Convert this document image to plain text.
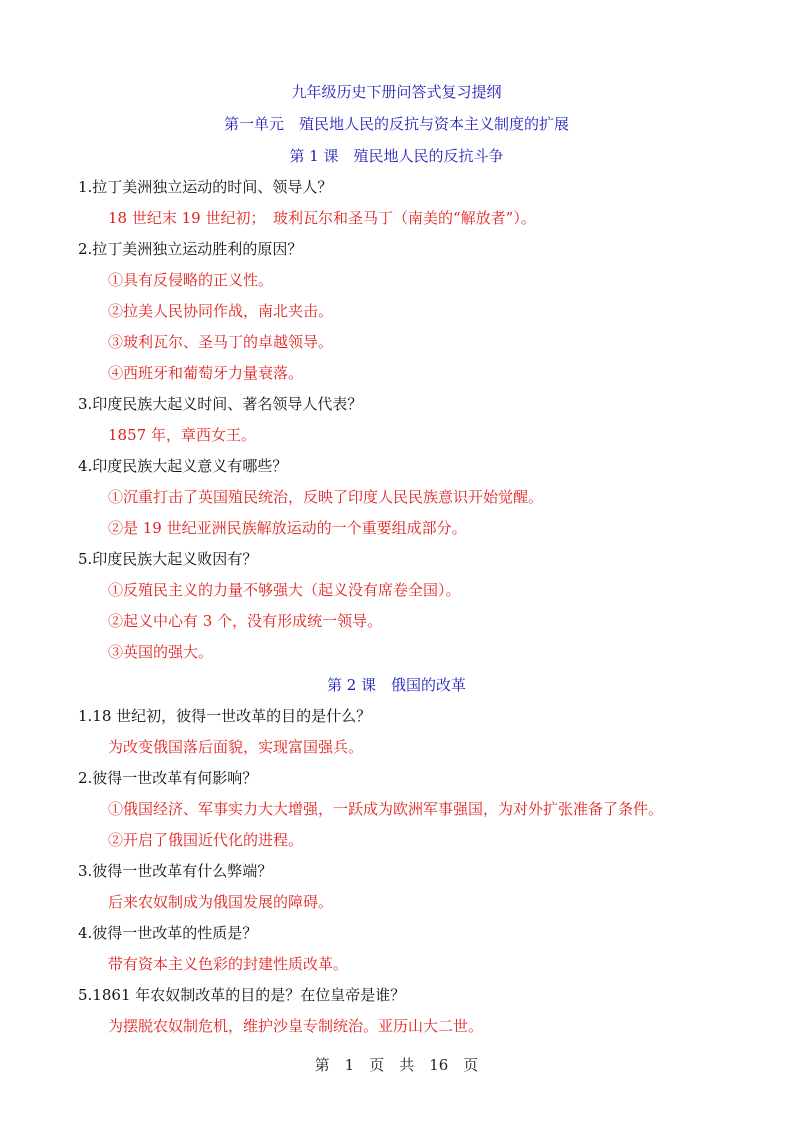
九年级历史下册问答式复习提纲
第一单元　殖民地人民的反抗与资本主义制度的扩展
第 1 课　殖民地人民的反抗斗争
1.拉丁美洲独立运动的时间、领导人？
18 世纪末 19 世纪初；　玻利瓦尔和圣马丁（南美的“解放者”）。
2.拉丁美洲独立运动胜利的原因？
①具有反侵略的正义性。
②拉美人民协同作战，南北夹击。
③玻利瓦尔、圣马丁的卓越领导。
④西班牙和葡萄牙力量衰落。
3.印度民族大起义时间、著名领导人代表？
1857 年，章西女王。
4.印度民族大起义意义有哪些？
①沉重打击了英国殖民统治，反映了印度人民民族意识开始觉醒。
②是 19 世纪亚洲民族解放运动的一个重要组成部分。
5.印度民族大起义败因有？
①反殖民主义的力量不够强大（起义没有席卷全国）。
②起义中心有 3 个，没有形成统一领导。
③英国的强大。
第 2 课　俄国的改革
1.18 世纪初，彼得一世改革的目的是什么？
为改变俄国落后面貌，实现富国强兵。
2.彼得一世改革有何影响？
①俄国经济、军事实力大大增强，一跃成为欧洲军事强国，为对外扩张准备了条件。
②开启了俄国近代化的进程。
3.彼得一世改革有什么弊端？
后来农奴制成为俄国发展的障碍。
4.彼得一世改革的性质是？
带有资本主义色彩的封建性质改革。
5.1861 年农奴制改革的目的是？在位皇帝是谁？
为摆脱农奴制危机，维护沙皇专制统治。亚历山大二世。
第　1　页　共　16　页
